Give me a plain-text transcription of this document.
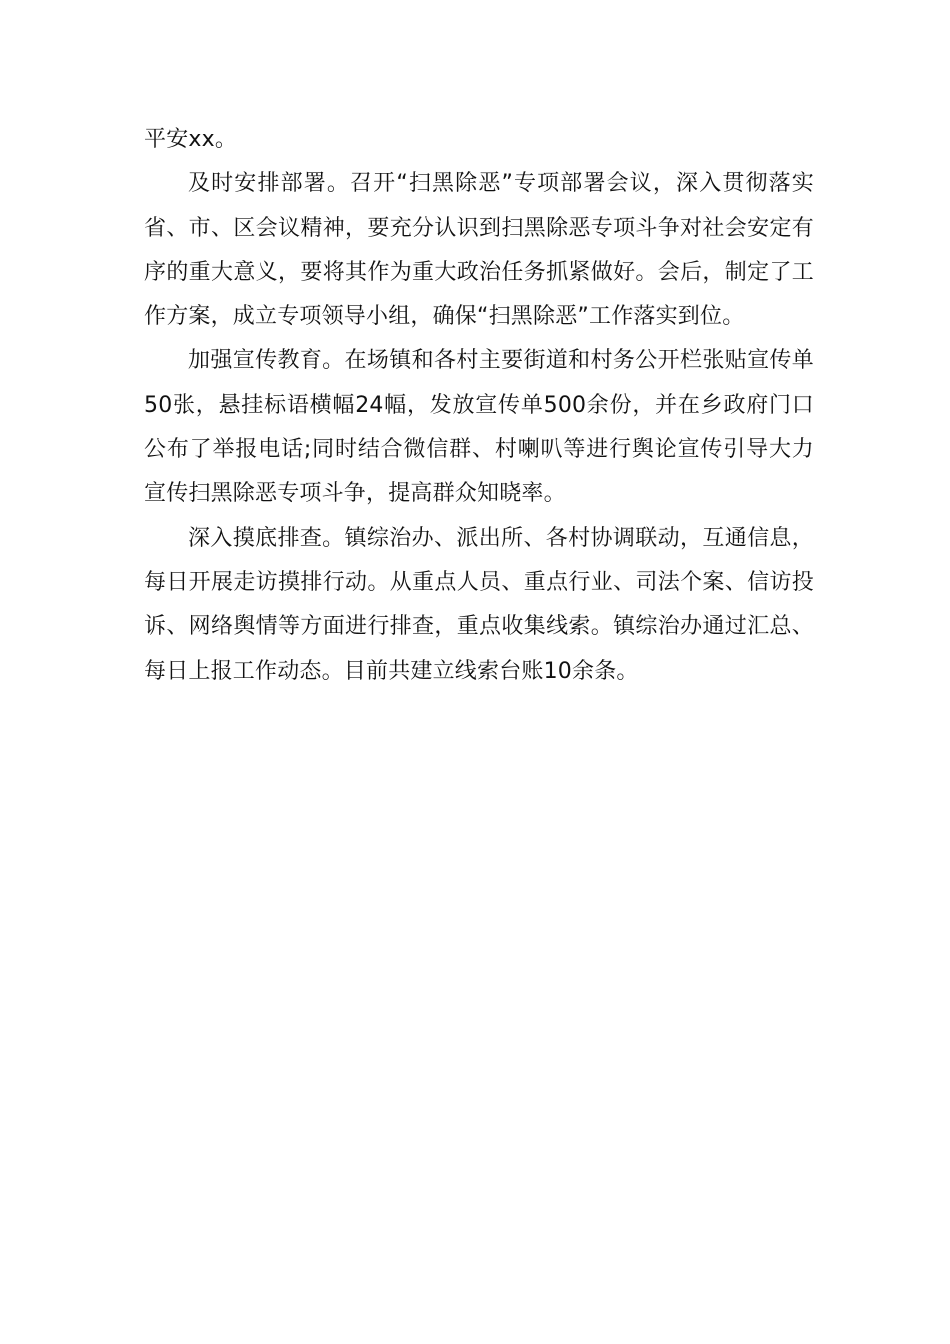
平安xx。

及时安排部署。召开“扫黑除恶”专项部署会议，深入贯彻落实省、市、区会议精神，要充分认识到扫黑除恶专项斗争对社会安定有序的重大意义，要将其作为重大政治任务抓紧做好。会后，制定了工作方案，成立专项领导小组，确保“扫黑除恶”工作落实到位。

加强宣传教育。在场镇和各村主要街道和村务公开栏张贴宣传单50张，悬挂标语横幅24幅，发放宣传单500余份，并在乡政府门口公布了举报电话;同时结合微信群、村喇叭等进行舆论宣传引导大力宣传扫黑除恶专项斗争，提高群众知晓率。

深入摸底排查。镇综治办、派出所、各村协调联动，互通信息，每日开展走访摸排行动。从重点人员、重点行业、司法个案、信访投诉、网络舆情等方面进行排查，重点收集线索。镇综治办通过汇总、每日上报工作动态。目前共建立线索台账10余条。
